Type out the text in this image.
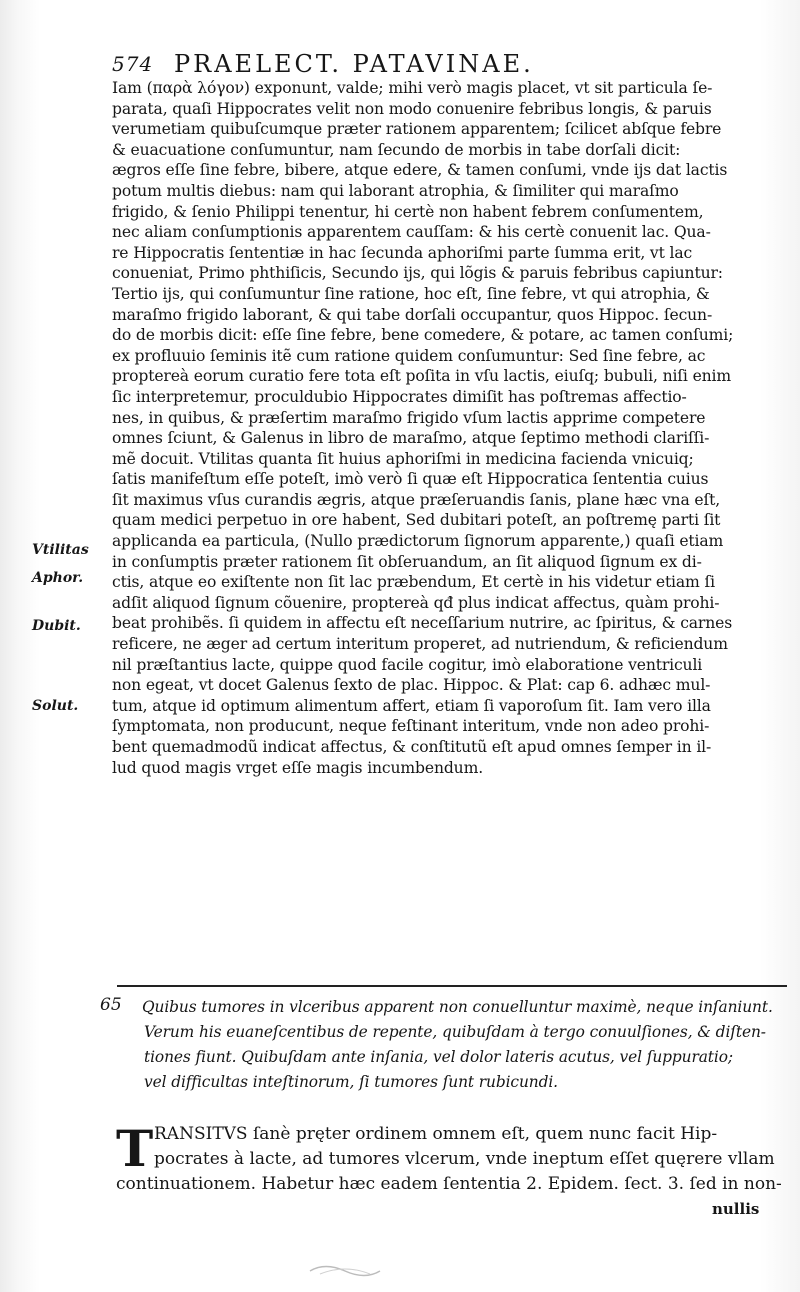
574 PRAELECT. PATAVINAE.
Vtilitas
Aphor.
Dubit.
Solut.
Iam (παρὰ λόγον) exponunt, valde; mihi verò magis placet, vt sit particula ſe-
parata, quaſi Hippocrates velit non modo conuenire febribus longis, & paruis
verumetiam quibuſcumque præter rationem apparentem; ſcilicet abſque febre
& euacuatione conſumuntur, nam ſecundo de morbis in tabe dorſali dicit:
ægros eſſe ſine febre, bibere, atque edere, & tamen conſumi, vnde ijs dat lactis
potum multis diebus: nam qui laborant atrophia, & ſimiliter qui maraſmo
frigido, & ſenio Philippi tenentur, hi certè non habent febrem conſumentem,
nec aliam conſumptionis apparentem cauſſam: & his certè conuenit lac. Qua-
re Hippocratis ſententiæ in hac ſecunda aphoriſmi parte ſumma erit, vt lac
conueniat, Primo phthiſicis, Secundo ijs, qui lõgis & paruis febribus capiuntur:
Tertio ijs, qui conſumuntur ſine ratione, hoc eſt, ſine febre, vt qui atrophia, &
maraſmo frigido laborant, & qui tabe dorſali occupantur, quos Hippoc. ſecun-
do de morbis dicit: eſſe ſine febre, bene comedere, & potare, ac tamen conſumi;
ex profluuio ſeminis itẽ cum ratione quidem conſumuntur: Sed ſine febre, ac
proptereà eorum curatio fere tota eſt poſita in vſu lactis, eiuſq; bubuli, niſi enim
ſic interpretemur, proculdubio Hippocrates dimiſit has poſtremas affectio-
nes, in quibus, & præſertim maraſmo frigido vſum lactis apprime competere
omnes ſciunt, & Galenus in libro de maraſmo, atque ſeptimo methodi clariſſi-
mẽ docuit. Vtilitas quanta ſit huius aphoriſmi in medicina facienda vnicuiq;
ſatis manifeſtum eſſe poteſt, imò verò ſi quæ eſt Hippocratica ſententia cuius
ſit maximus vſus curandis ægris, atque præſeruandis ſanis, plane hæc vna eſt,
quam medici perpetuo in ore habent, Sed dubitari poteſt, an poſtremę parti ſit
applicanda ea particula, (Nullo prædictorum ſignorum apparente,) quaſi etiam
in conſumptis præter rationem ſit obſeruandum, an ſit aliquod ſignum ex di-
ctis, atque eo exiſtente non ſit lac præbendum, Et certè in his videtur etiam ſi
adſit aliquod ſignum cõuenire, proptereà qđ plus indicat affectus, quàm prohi-
beat prohibẽs. ſi quidem in affectu eſt neceſſarium nutrire, ac ſpiritus, & carnes
reficere, ne æger ad certum interitum properet, ad nutriendum, & reficiendum
nil præſtantius lacte, quippe quod facile cogitur, imò elaboratione ventriculi
non egeat, vt docet Galenus ſexto de plac. Hippoc. & Plat: cap 6. adhæc mul-
tum, atque id optimum alimentum affert, etiam ſi vaporoſum ſit. Iam vero illa
ſymptomata, non producunt, neque feſtinant interitum, vnde non adeo prohi-
bent quemadmodũ indicat affectus, & conſtitutũ eſt apud omnes ſemper in il-
lud quod magis vrget eſſe magis incumbendum.
65 Quibus tumores in vlceribus apparent non conuelluntur maximè, neque inſaniunt.
Verum his euaneſcentibus de repente, quibuſdam à tergo conuulſiones, & diſten-
tiones fiunt. Quibuſdam ante inſania, vel dolor lateris acutus, vel ſuppuratio;
vel difficultas inteſtinorum, ſi tumores ſunt rubicundi.
T RANSITVS ſanè pręter ordinem omnem eſt, quem nunc facit Hip-
pocrates à lacte, ad tumores vlcerum, vnde ineptum eſſet quęrere vllam
continuationem. Habetur hæc eadem ſententia 2. Epidem. ſect. 3. ſed in non-
nullis
